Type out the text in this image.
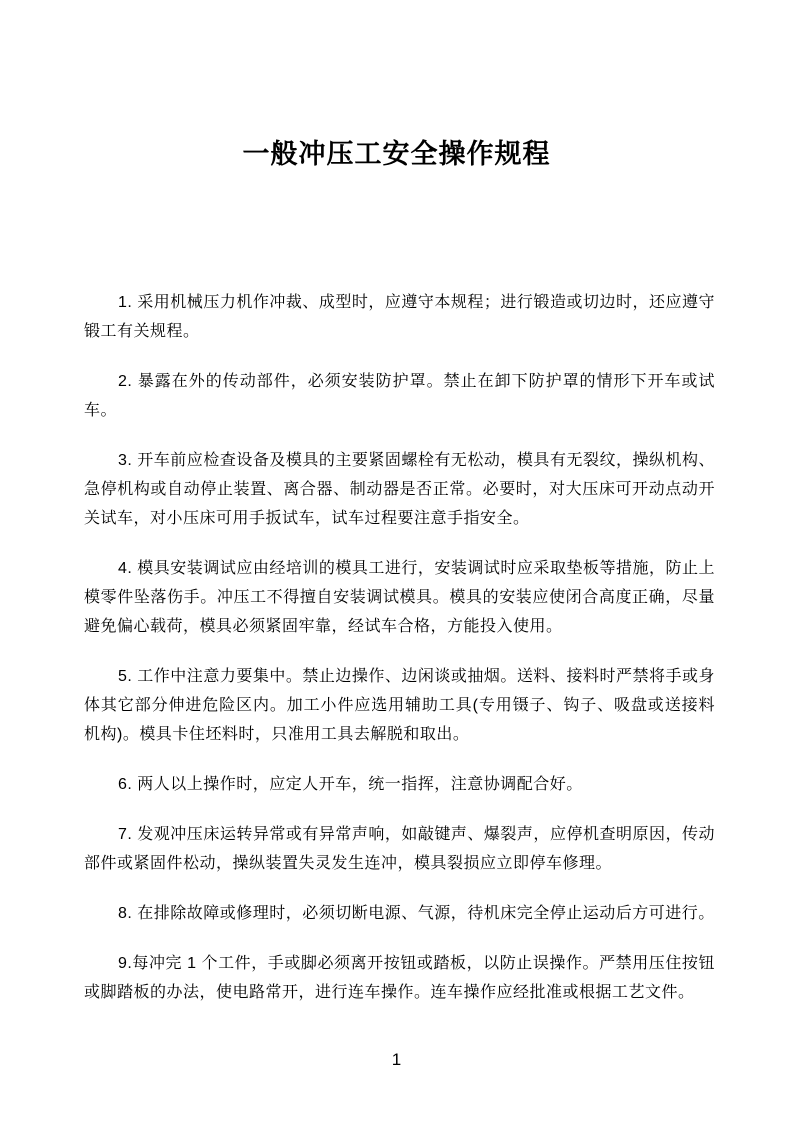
一般冲压工安全操作规程

1. 采用机械压力机作冲裁、成型时，应遵守本规程；进行锻造或切边时，还应遵守锻工有关规程。

2. 暴露在外的传动部件，必须安装防护罩。禁止在卸下防护罩的情形下开车或试车。

3. 开车前应检查设备及模具的主要紧固螺栓有无松动，模具有无裂纹，操纵机构、急停机构或自动停止装置、离合器、制动器是否正常。必要时，对大压床可开动点动开关试车，对小压床可用手扳试车，试车过程要注意手指安全。

4. 模具安装调试应由经培训的模具工进行，安装调试时应采取垫板等措施，防止上模零件坠落伤手。冲压工不得擅自安装调试模具。模具的安装应使闭合高度正确，尽量避免偏心载荷，模具必须紧固牢靠，经试车合格，方能投入使用。

5. 工作中注意力要集中。禁止边操作、边闲谈或抽烟。送料、接料时严禁将手或身体其它部分伸进危险区内。加工小件应选用辅助工具(专用镊子、钩子、吸盘或送接料机构)。模具卡住坯料时，只准用工具去解脱和取出。

6. 两人以上操作时，应定人开车，统一指挥，注意协调配合好。

7. 发观冲压床运转异常或有异常声响，如敲键声、爆裂声，应停机查明原因，传动部件或紧固件松动，操纵装置失灵发生连冲，模具裂损应立即停车修理。

8. 在排除故障或修理时，必须切断电源、气源，待机床完全停止运动后方可进行。

9.每冲完 1 个工件，手或脚必须离开按钮或踏板，以防止误操作。严禁用压住按钮或脚踏板的办法，使电路常开，进行连车操作。连车操作应经批准或根据工艺文件。

1
